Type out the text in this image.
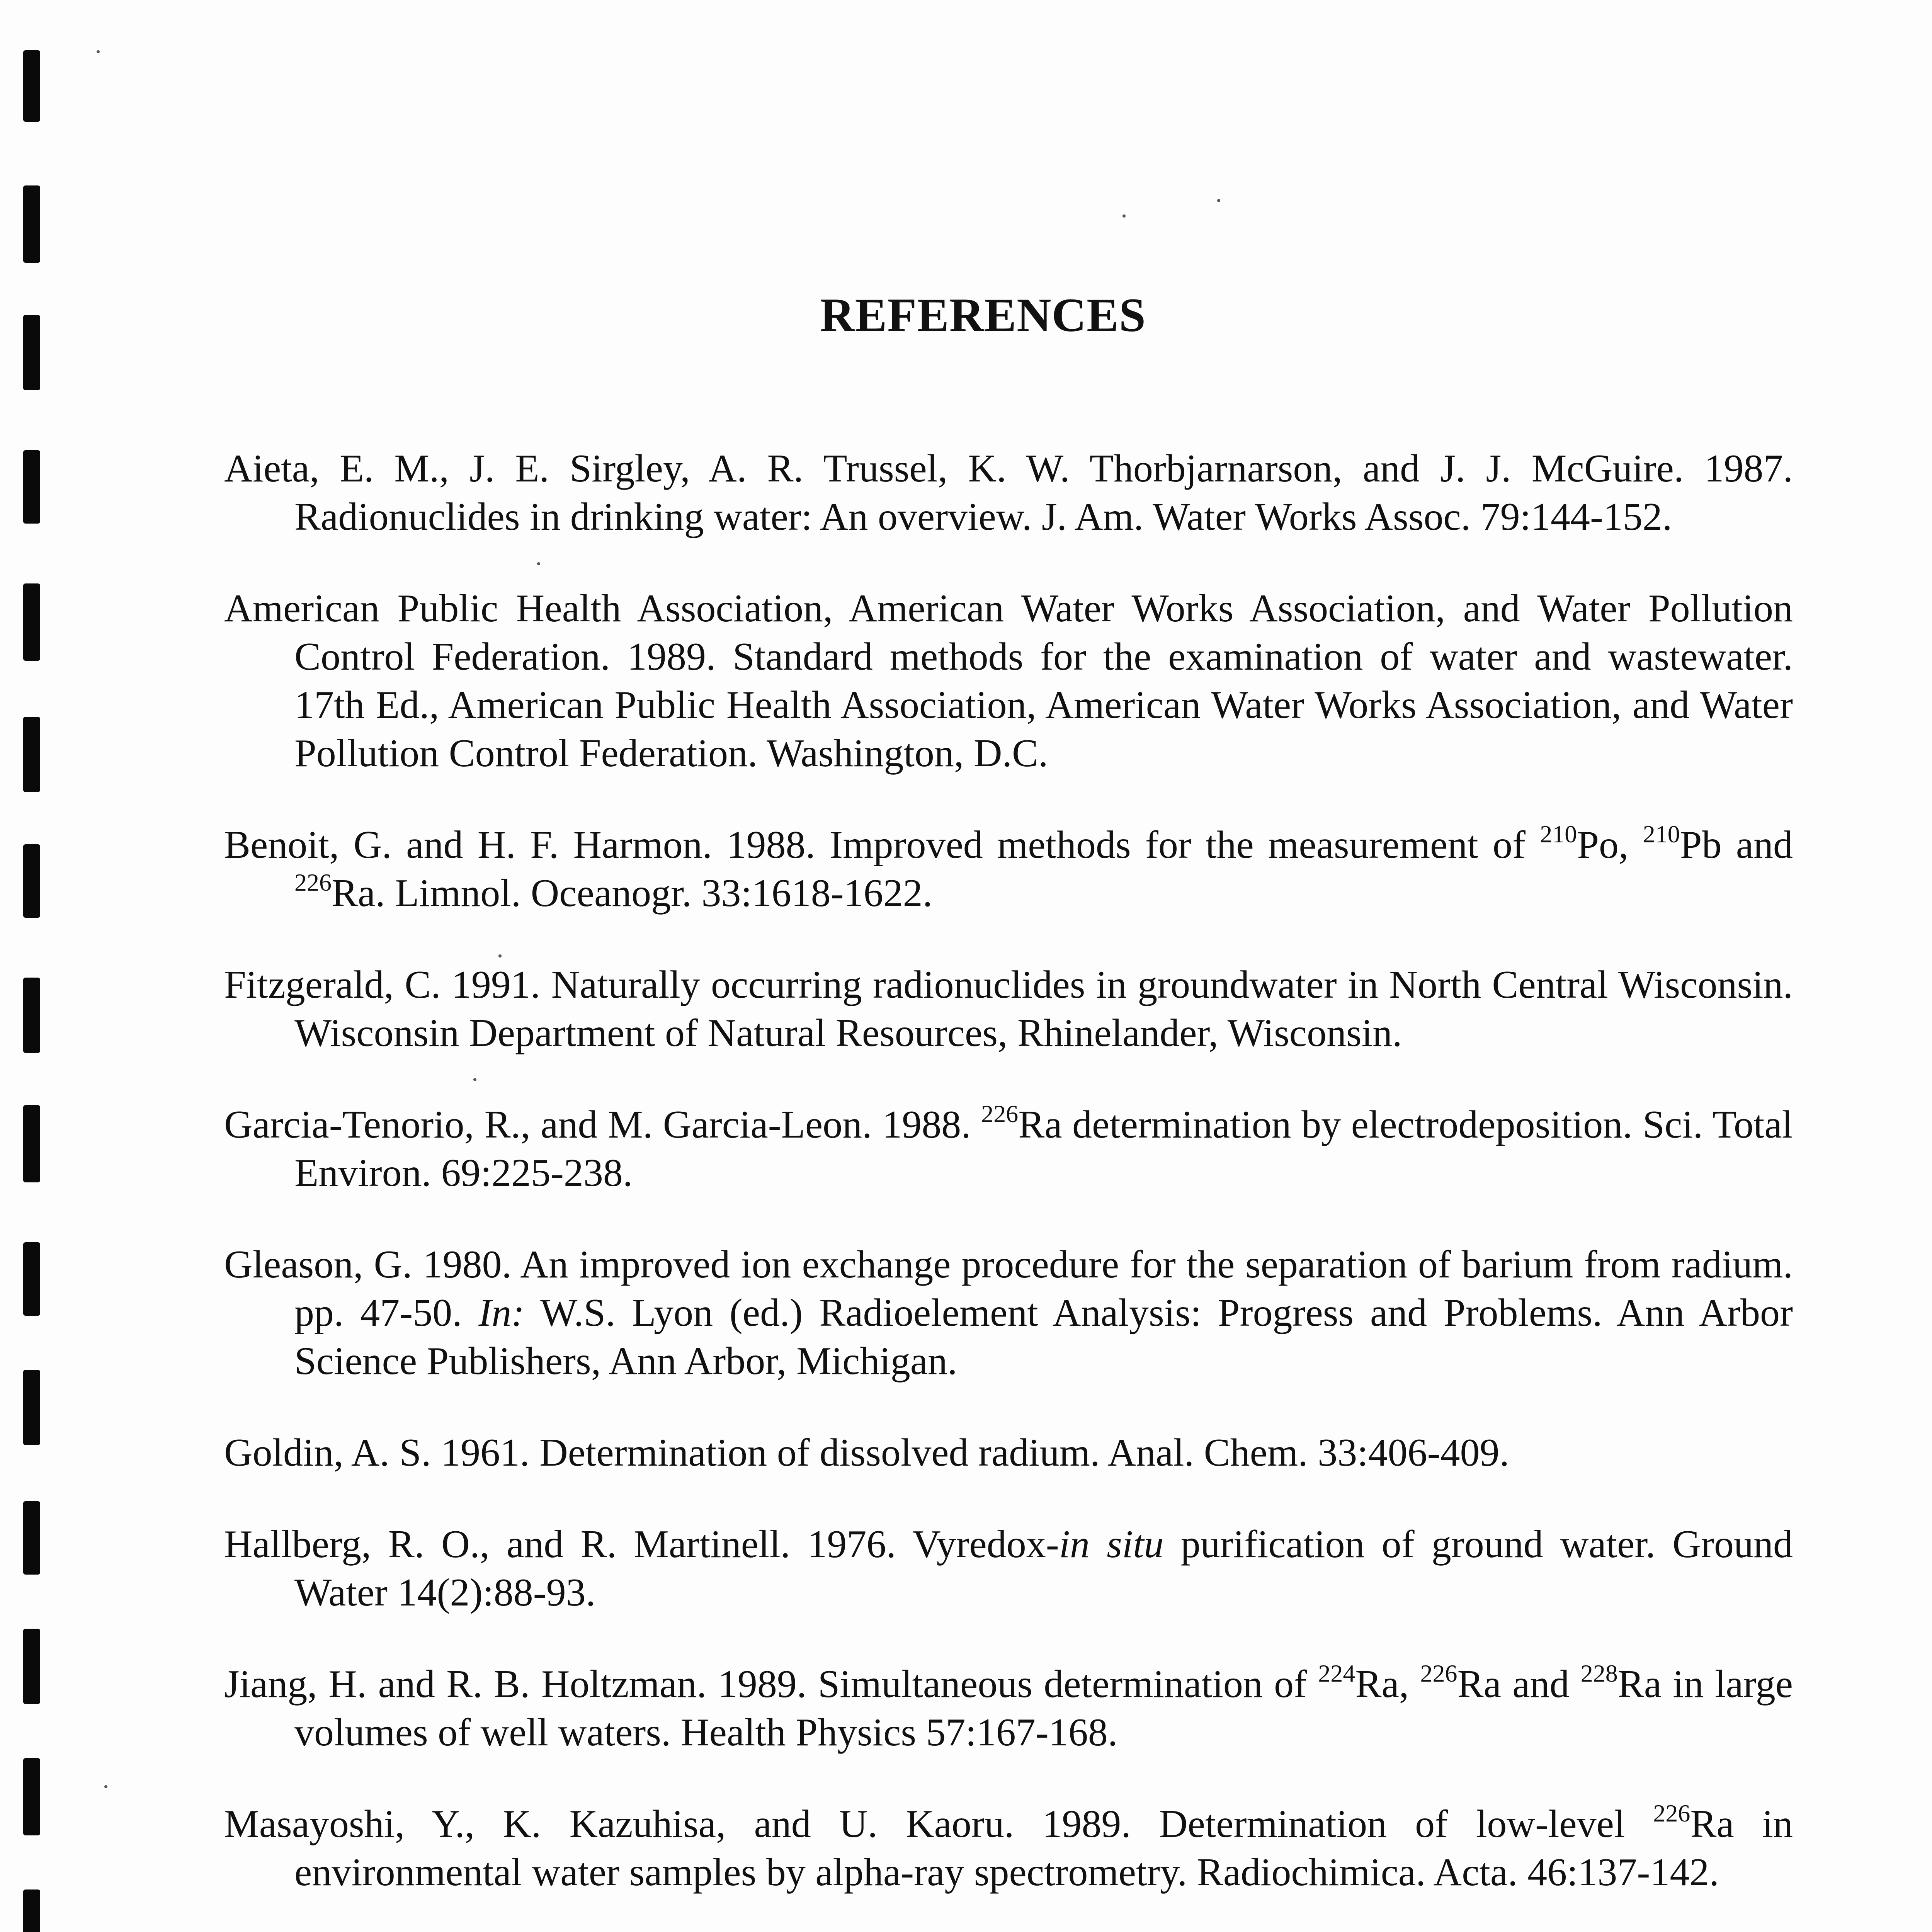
REFERENCES
Aieta, E. M., J. E. Sirgley, A. R. Trussel, K. W. Thorbjarnarson, and J. J. McGuire. 1987. Radionuclides in drinking water: An overview. J. Am. Water Works Assoc. 79:144-152.
American Public Health Association, American Water Works Association, and Water Pollution Control Federation. 1989. Standard methods for the examination of water and wastewater. 17th Ed., American Public Health Association, American Water Works Association, and Water Pollution Control Federation. Washington, D.C.
Benoit, G. and H. F. Harmon. 1988. Improved methods for the measurement of $^{210}$Po, $^{210}$Pb and $^{226}$Ra. Limnol. Oceanogr. 33:1618-1622.
Fitzgerald, C. 1991. Naturally occurring radionuclides in groundwater in North Central Wisconsin. Wisconsin Department of Natural Resources, Rhinelander, Wisconsin.
Garcia-Tenorio, R., and M. Garcia-Leon. 1988. $^{226}$Ra determination by electrodeposition. Sci. Total Environ. 69:225-238.
Gleason, G. 1980. An improved ion exchange procedure for the separation of barium from radium. pp. 47-50. In: W.S. Lyon (ed.) Radioelement Analysis: Progress and Problems. Ann Arbor Science Publishers, Ann Arbor, Michigan.
Goldin, A. S. 1961. Determination of dissolved radium. Anal. Chem. 33:406-409.
Hallberg, R. O., and R. Martinell. 1976. Vyredox-in situ purification of ground water. Ground Water 14(2):88-93.
Jiang, H. and R. B. Holtzman. 1989. Simultaneous determination of $^{224}$Ra, $^{226}$Ra and $^{228}$Ra in large volumes of well waters. Health Physics 57:167-168.
Masayoshi, Y., K. Kazuhisa, and U. Kaoru. 1989. Determination of low-level $^{226}$Ra in environmental water samples by alpha-ray spectrometry. Radiochimica. Acta. 46:137-142.
